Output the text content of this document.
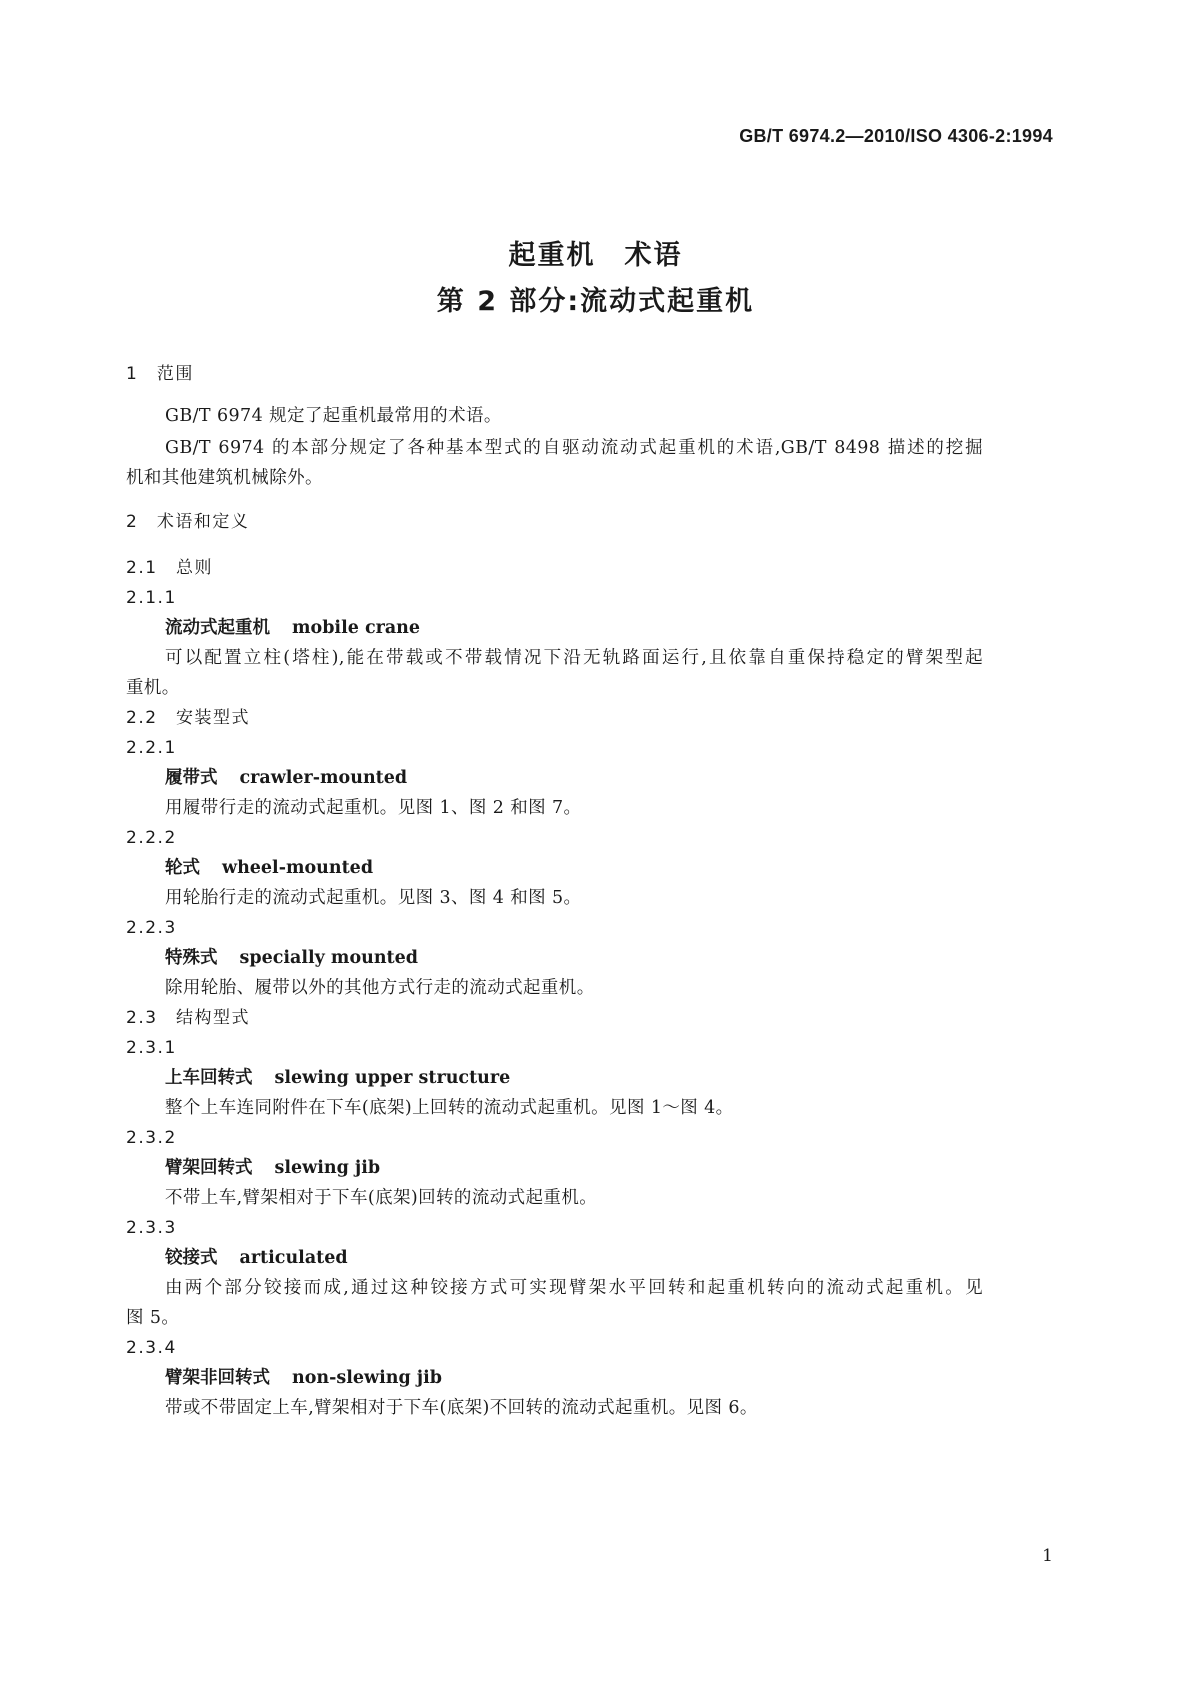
GB/T 6974.2—2010/ISO 4306-2:1994
起重机　术语
第 2 部分:流动式起重机
1　范围
GB/T 6974 规定了起重机最常用的术语。
GB/T 6974 的本部分规定了各种基本型式的自驱动流动式起重机的术语,GB/T 8498 描述的挖掘
机和其他建筑机械除外。
2　术语和定义
2.1　总则
2.1.1
流动式起重机 mobile crane
可以配置立柱(塔柱),能在带载或不带载情况下沿无轨路面运行,且依靠自重保持稳定的臂架型起
重机。
2.2　安装型式
2.2.1
履带式 crawler-mounted
用履带行走的流动式起重机。见图 1、图 2 和图 7。
2.2.2
轮式 wheel-mounted
用轮胎行走的流动式起重机。见图 3、图 4 和图 5。
2.2.3
特殊式 specially mounted
除用轮胎、履带以外的其他方式行走的流动式起重机。
2.3　结构型式
2.3.1
上车回转式 slewing upper structure
整个上车连同附件在下车(底架)上回转的流动式起重机。见图 1～图 4。
2.3.2
臂架回转式 slewing jib
不带上车,臂架相对于下车(底架)回转的流动式起重机。
2.3.3
铰接式 articulated
由两个部分铰接而成,通过这种铰接方式可实现臂架水平回转和起重机转向的流动式起重机。见
图 5。
2.3.4
臂架非回转式 non-slewing jib
带或不带固定上车,臂架相对于下车(底架)不回转的流动式起重机。见图 6。
1
